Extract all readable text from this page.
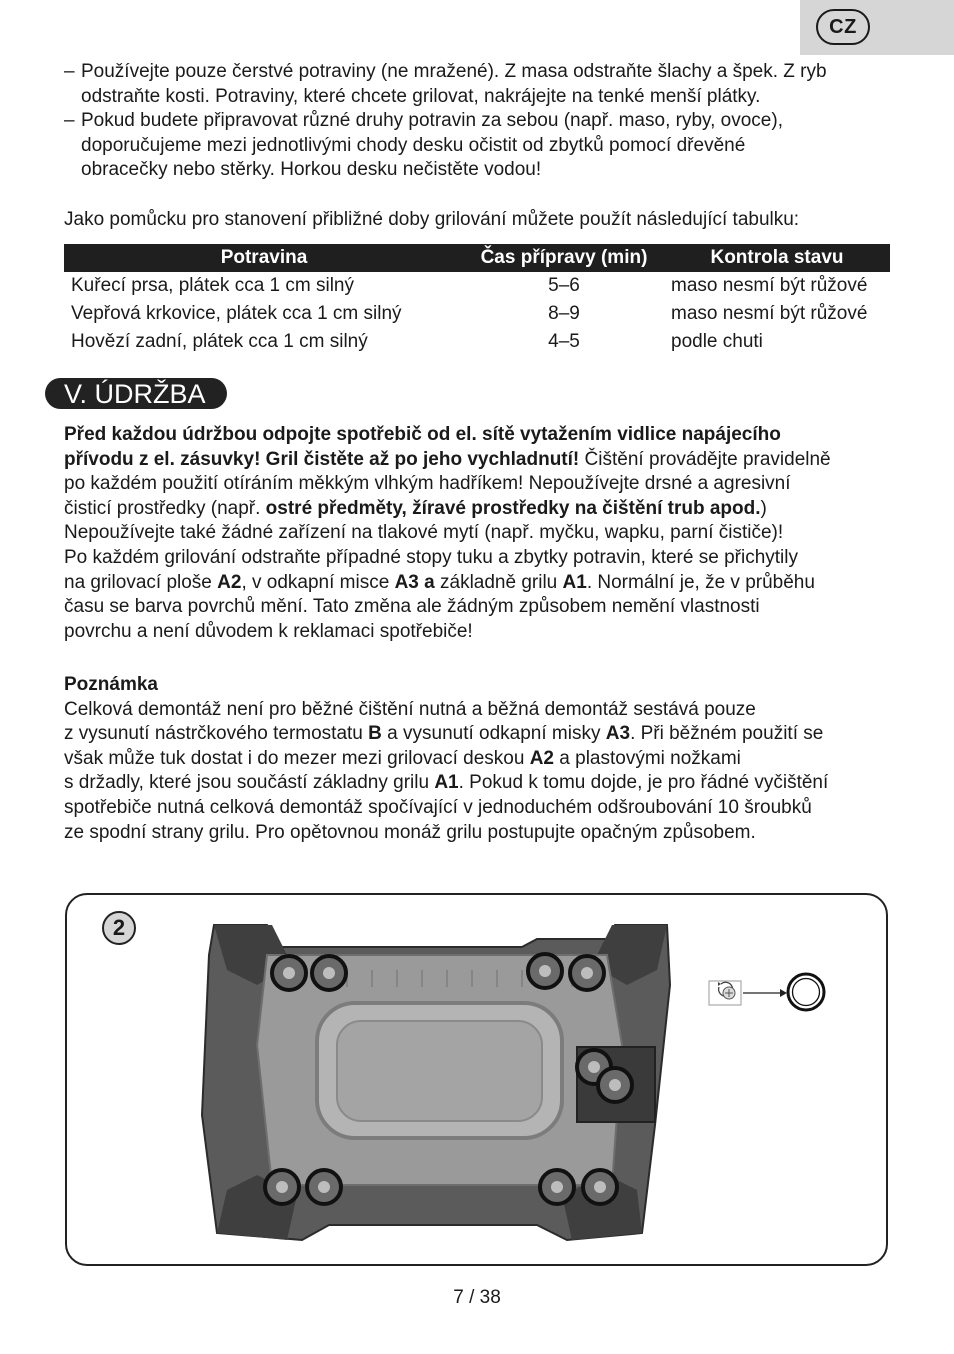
CZ
– Používejte pouze čerstvé potraviny (ne mražené). Z masa odstraňte šlachy a špek. Z ryb
odstraňte kosti. Potraviny, které chcete grilovat, nakrájejte na tenké menší plátky.
– Pokud budete připravovat různé druhy potravin za sebou (např. maso, ryby, ovoce),
doporučujeme mezi jednotlivými chody desku očistit od zbytků pomocí dřevěné
obracečky nebo stěrky. Horkou desku nečistěte vodou!
Jako pomůcku pro stanovení přibližné doby grilování můžete použít následující tabulku:
Potravina	Čas přípravy (min)	Kontrola stavu
Kuřecí prsa, plátek cca 1 cm silný	5–6	maso nesmí být růžové
Vepřová krkovice, plátek cca 1 cm silný	8–9	maso nesmí být růžové
Hovězí zadní, plátek cca 1 cm silný	4–5	podle chuti
V. ÚDRŽBA
Před každou údržbou odpojte spotřebič od el. sítě vytažením vidlice napájecího
přívodu z el. zásuvky! Gril čistěte až po jeho vychladnutí! Čištění provádějte pravidelně
po každém použití otíráním měkkým vlhkým hadříkem! Nepoužívejte drsné a agresivní
čisticí prostředky (např. ostré předměty, žíravé prostředky na čištění trub apod.)
Nepoužívejte také žádné zařízení na tlakové mytí (např. myčku, wapku, parní čističe)!
Po každém grilování odstraňte případné stopy tuku a zbytky potravin, které se přichytily
na grilovací ploše A2, v odkapní misce A3 a základně grilu A1. Normální je, že v průběhu
času se barva povrchů mění. Tato změna ale žádným způsobem nemění vlastnosti
povrchu a není důvodem k reklamaci spotřebiče!
Poznámka
Celková demontáž není pro běžné čištění nutná a běžná demontáž sestává pouze
z vysunutí nástrčkového termostatu B a vysunutí odkapní misky A3. Při běžném použití se
však může tuk dostat i do mezer mezi grilovací deskou A2 a plastovými nožkami
s držadly, které jsou součástí základny grilu A1. Pokud k tomu dojde, je pro řádné vyčištění
spotřebiče nutná celková demontáž spočívající v jednoduchém odšroubování 10 šroubků
ze spodní strany grilu. Pro opětovnou monáž grilu postupujte opačným způsobem.
2
7 / 38
